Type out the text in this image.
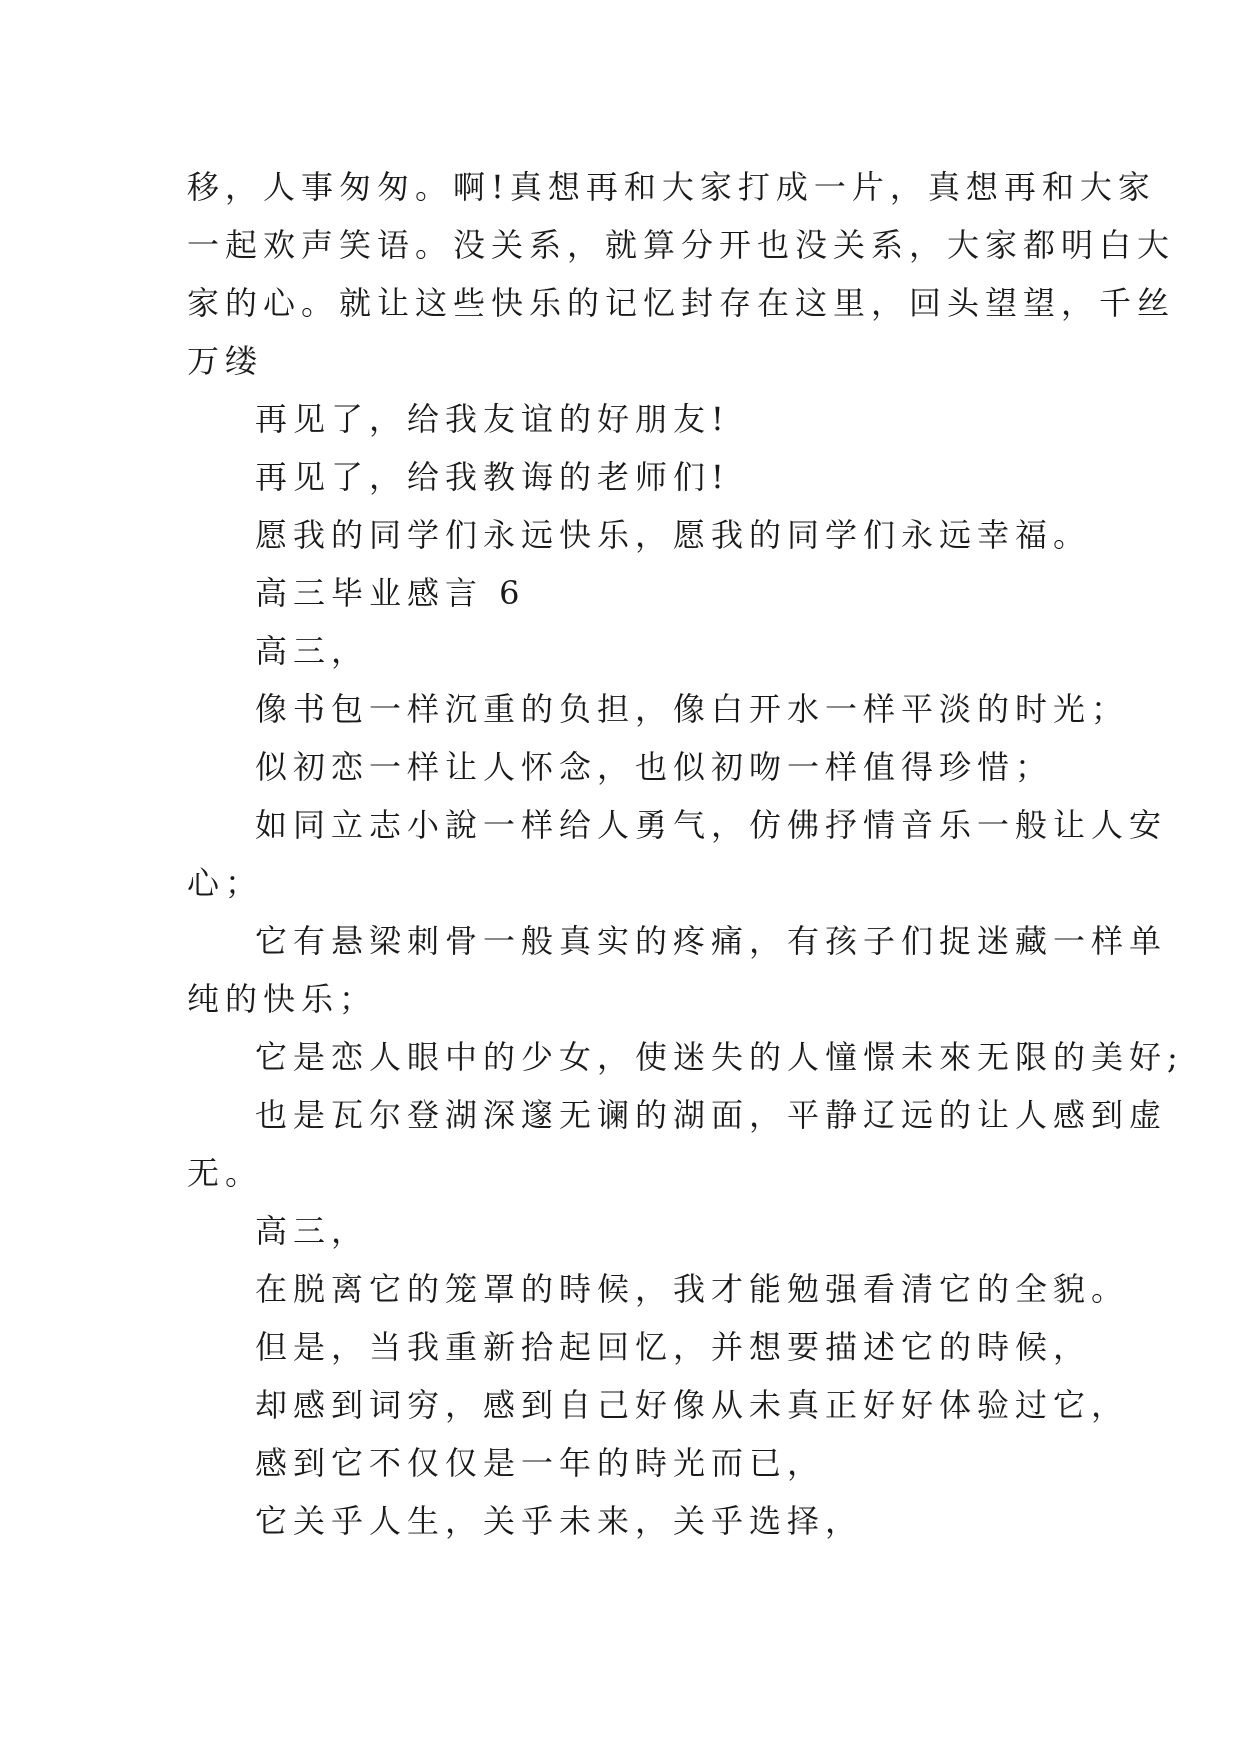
移，人事匆匆。啊!真想再和大家打成一片，真想再和大家
一起欢声笑语。没关系，就算分开也没关系，大家都明白大
家的心。就让这些快乐的记忆封存在这里，回头望望，千丝
万缕
再见了，给我友谊的好朋友!
再见了，给我教诲的老师们!
愿我的同学们永远快乐，愿我的同学们永远幸福。
高三毕业感言 6
高三，
像书包一样沉重的负担，像白开水一样平淡的时光；
似初恋一样让人怀念，也似初吻一样值得珍惜；
如同立志小說一样给人勇气，仿佛抒情音乐一般让人安
心；
它有悬梁刺骨一般真实的疼痛，有孩子们捉迷藏一样单
纯的快乐；
它是恋人眼中的少女，使迷失的人憧憬未來无限的美好;
也是瓦尔登湖深邃无谰的湖面，平静辽远的让人感到虚
无。
高三，
在脱离它的笼罩的時候，我才能勉强看清它的全貌。
但是，当我重新拾起回忆，并想要描述它的時候，
却感到词穷，感到自己好像从未真正好好体验过它，
感到它不仅仅是一年的時光而已，
它关乎人生，关乎未来，关乎选择，
